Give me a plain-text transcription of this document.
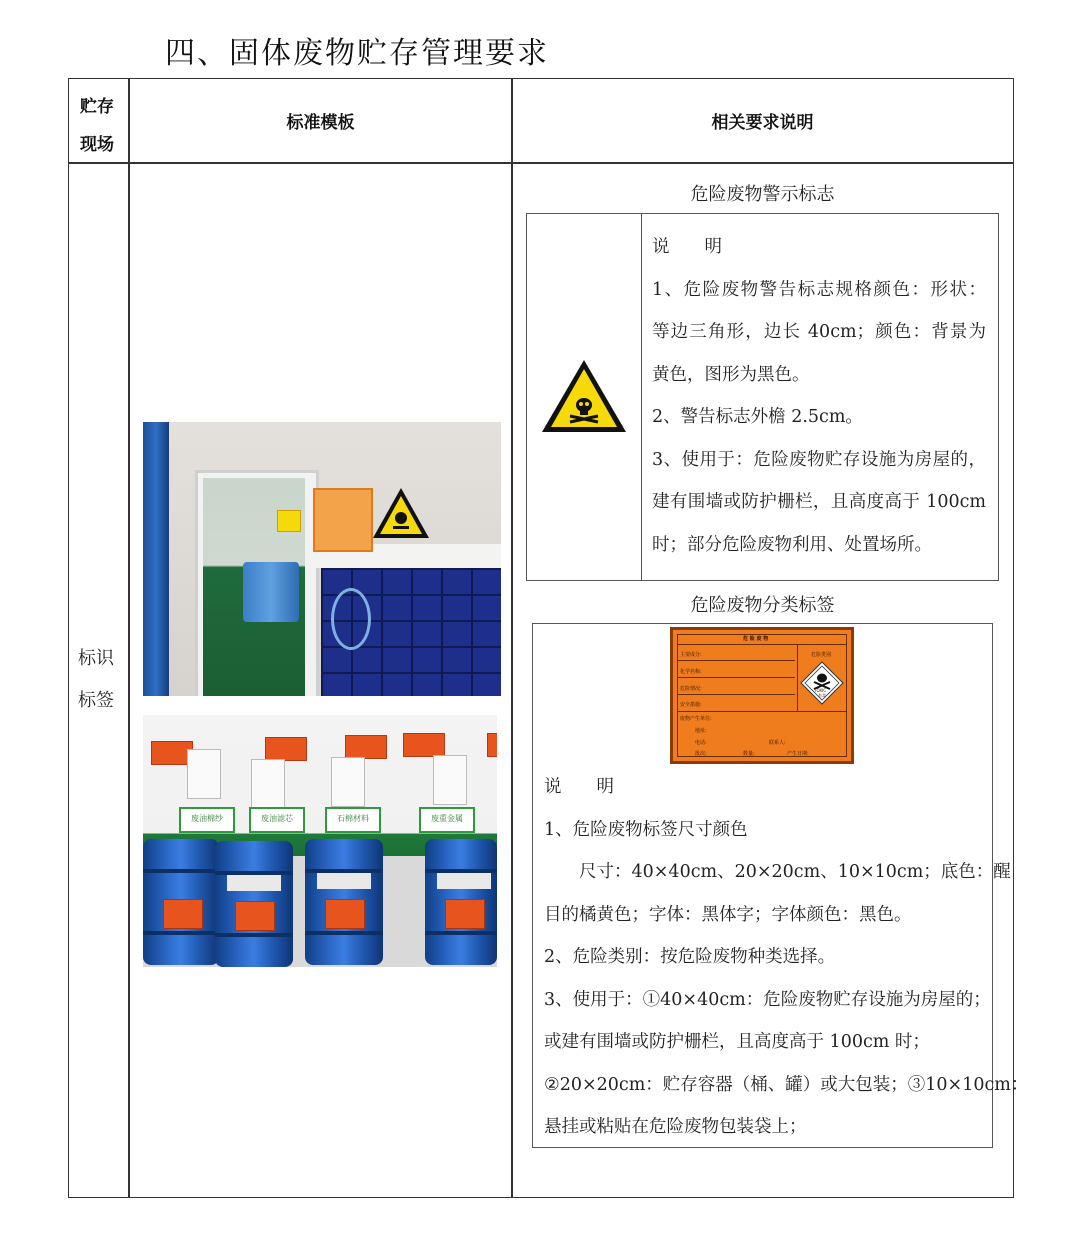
四、固体废物贮存管理要求
贮存现场
标准模板	相关要求说明
标识标签
废油棉纱	废油滤芯	石棉材料	废重金属
危险废物警示标志
说　　明
1、危险废物警告标志规格颜色：形状：
等边三角形，边长 40cm；颜色：背景为
黄色，图形为黑色。
2、警告标志外檐 2.5cm。
3、使用于：危险废物贮存设施为房屋的，
建有围墙或防护栅栏，且高度高于 100cm
时；部分危险废物利用、处置场所。
危险废物分类标签
危 险 废 物
主要成分:
化学名称:
危险情况:
安全措施:
废物产生单位:
地址:
电话:	联系人:
批次:	数量:	产生日期:
危险类别
TOXIC
有毒
说　　明
1、危险废物标签尺寸颜色
　　尺寸：40×40cm、20×20cm、10×10cm；底色：醒
目的橘黄色；字体：黑体字；字体颜色：黑色。
2、危险类别：按危险废物种类选择。
3、使用于：①40×40cm：危险废物贮存设施为房屋的；
或建有围墙或防护栅栏，且高度高于 100cm 时；
②20×20cm：贮存容器（桶、罐）或大包装；③10×10cm：
悬挂或粘贴在危险废物包装袋上；
